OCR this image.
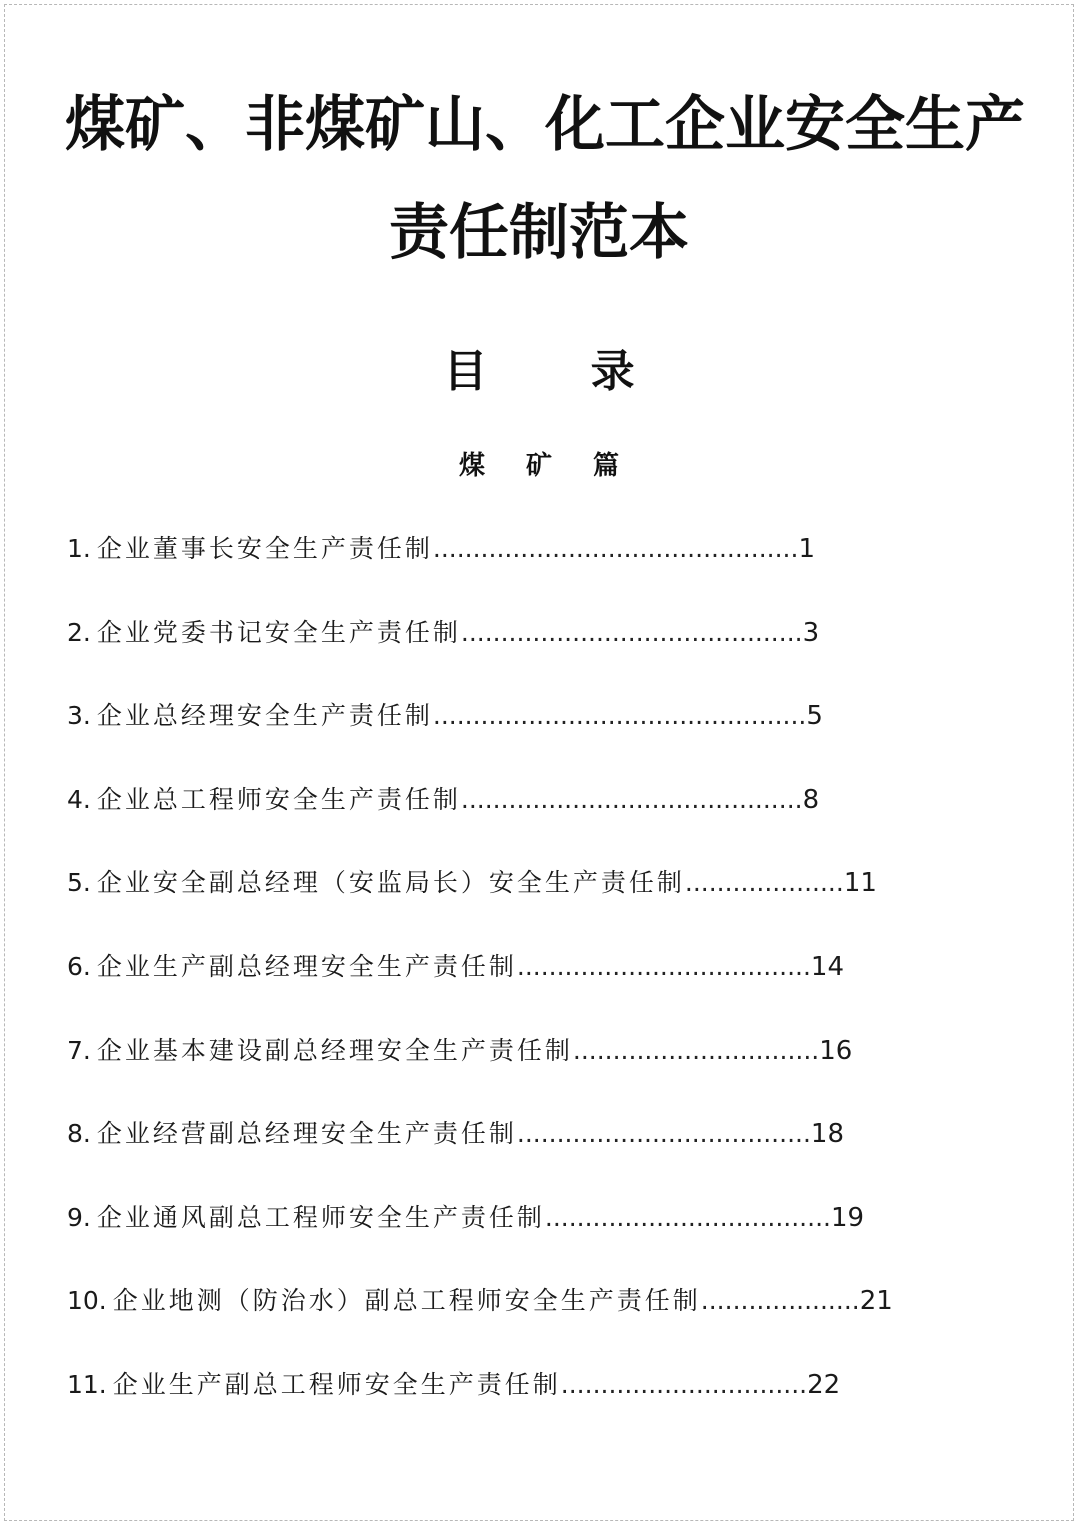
煤矿、非煤矿山、化工企业安全生产
责任制范本
目 录
煤 矿 篇
1. 企业董事长安全生产责任制..............................................1
2. 企业党委书记安全生产责任制...........................................3
3. 企业总经理安全生产责任制...............................................5
4. 企业总工程师安全生产责任制...........................................8
5. 企业安全副总经理（安监局长）安全生产责任制....................11
6. 企业生产副总经理安全生产责任制.....................................14
7. 企业基本建设副总经理安全生产责任制...............................16
8. 企业经营副总经理安全生产责任制.....................................18
9. 企业通风副总工程师安全生产责任制....................................19
10. 企业地测（防治水）副总工程师安全生产责任制....................21
11. 企业生产副总工程师安全生产责任制...............................22
